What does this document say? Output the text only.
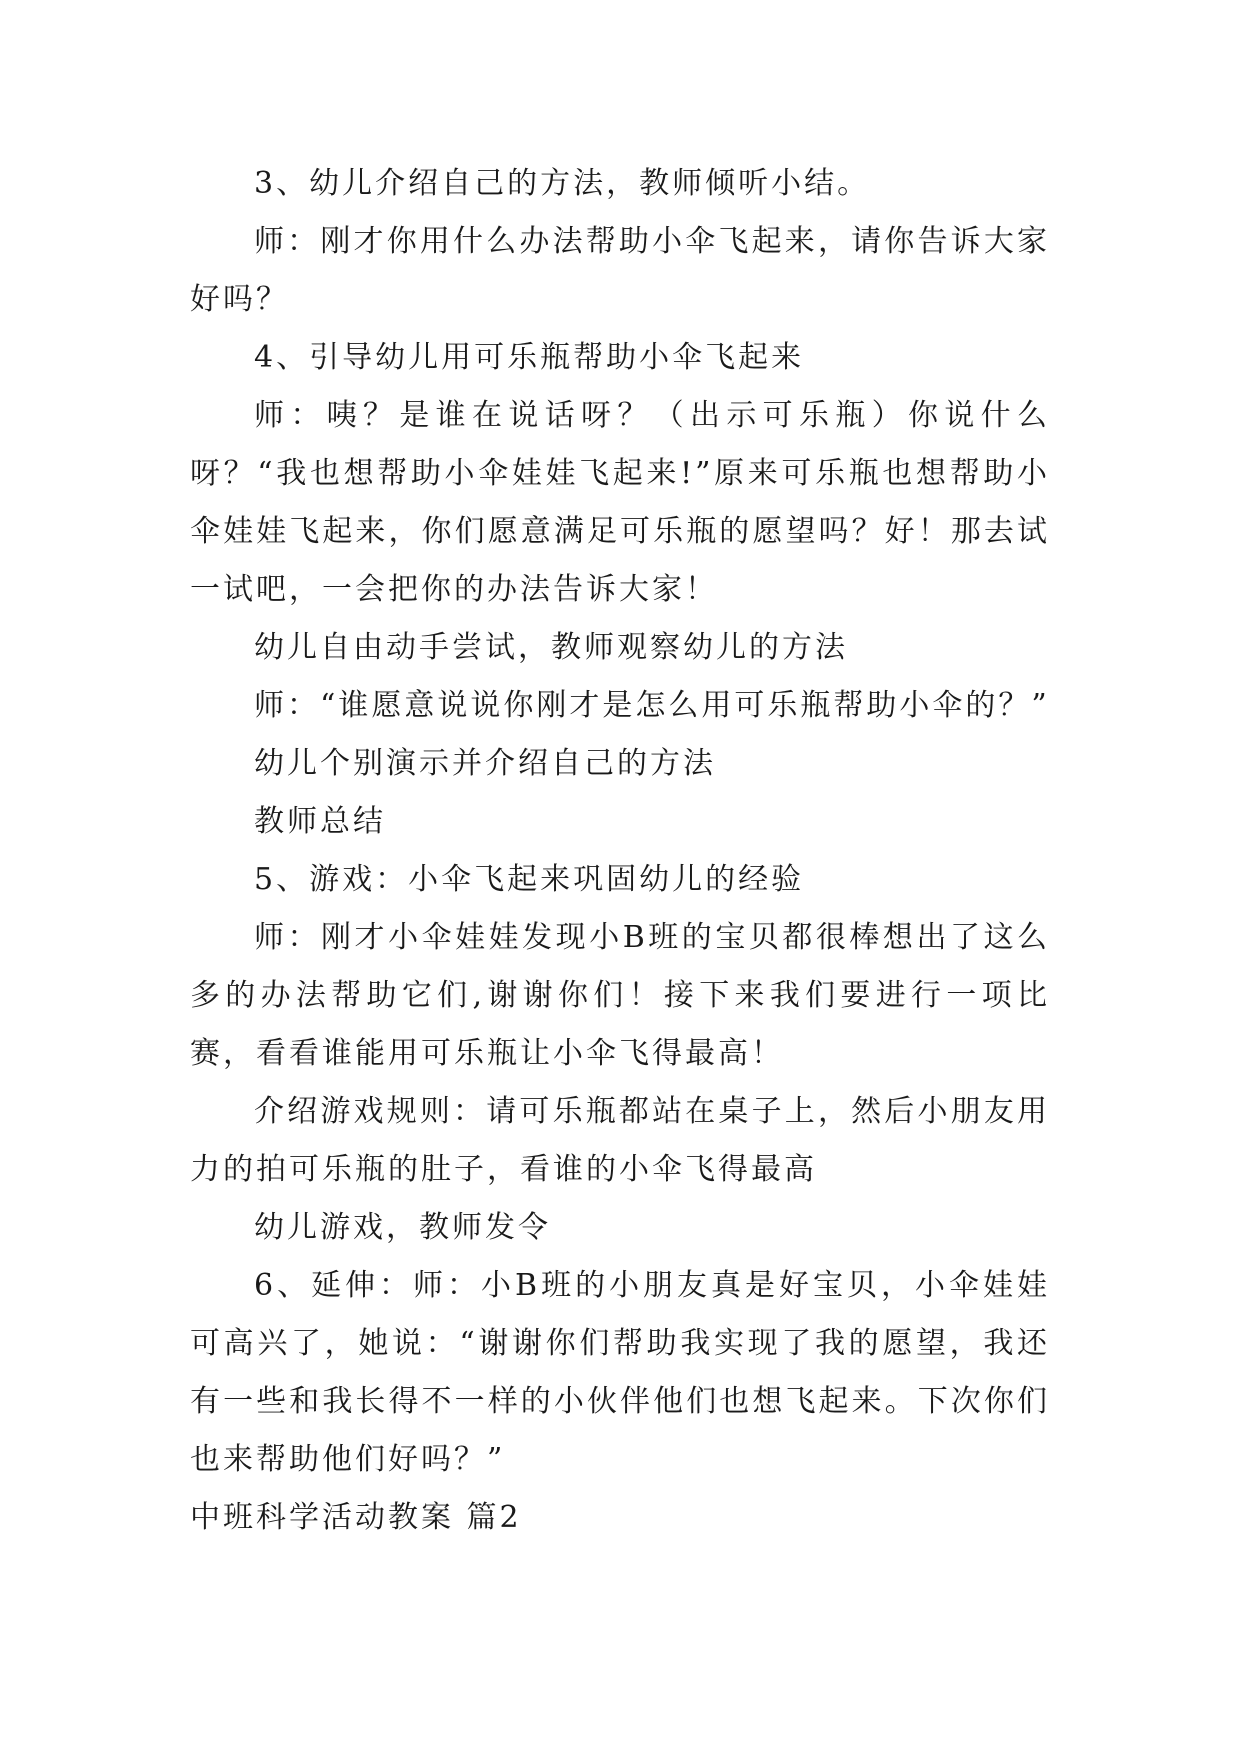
3、幼儿介绍自己的方法，教师倾听小结。

师：刚才你用什么办法帮助小伞飞起来，请你告诉大家好吗？

4、引导幼儿用可乐瓶帮助小伞飞起来

师：咦？是谁在说话呀？（出示可乐瓶）你说什么呀？“我也想帮助小伞娃娃飞起来!”原来可乐瓶也想帮助小伞娃娃飞起来，你们愿意满足可乐瓶的愿望吗？好！那去试一试吧，一会把你的办法告诉大家！

幼儿自由动手尝试，教师观察幼儿的方法

师：“谁愿意说说你刚才是怎么用可乐瓶帮助小伞的？”

幼儿个别演示并介绍自己的方法

教师总结

5、游戏：小伞飞起来巩固幼儿的经验

师：刚才小伞娃娃发现小B班的宝贝都很棒想出了这么多的办法帮助它们,谢谢你们！接下来我们要进行一项比赛，看看谁能用可乐瓶让小伞飞得最高！

介绍游戏规则：请可乐瓶都站在桌子上，然后小朋友用力的拍可乐瓶的肚子，看谁的小伞飞得最高

幼儿游戏，教师发令

6、延伸：师：小B班的小朋友真是好宝贝，小伞娃娃可高兴了，她说：“谢谢你们帮助我实现了我的愿望，我还有一些和我长得不一样的小伙伴他们也想飞起来。下次你们也来帮助他们好吗？”

中班科学活动教案 篇2
